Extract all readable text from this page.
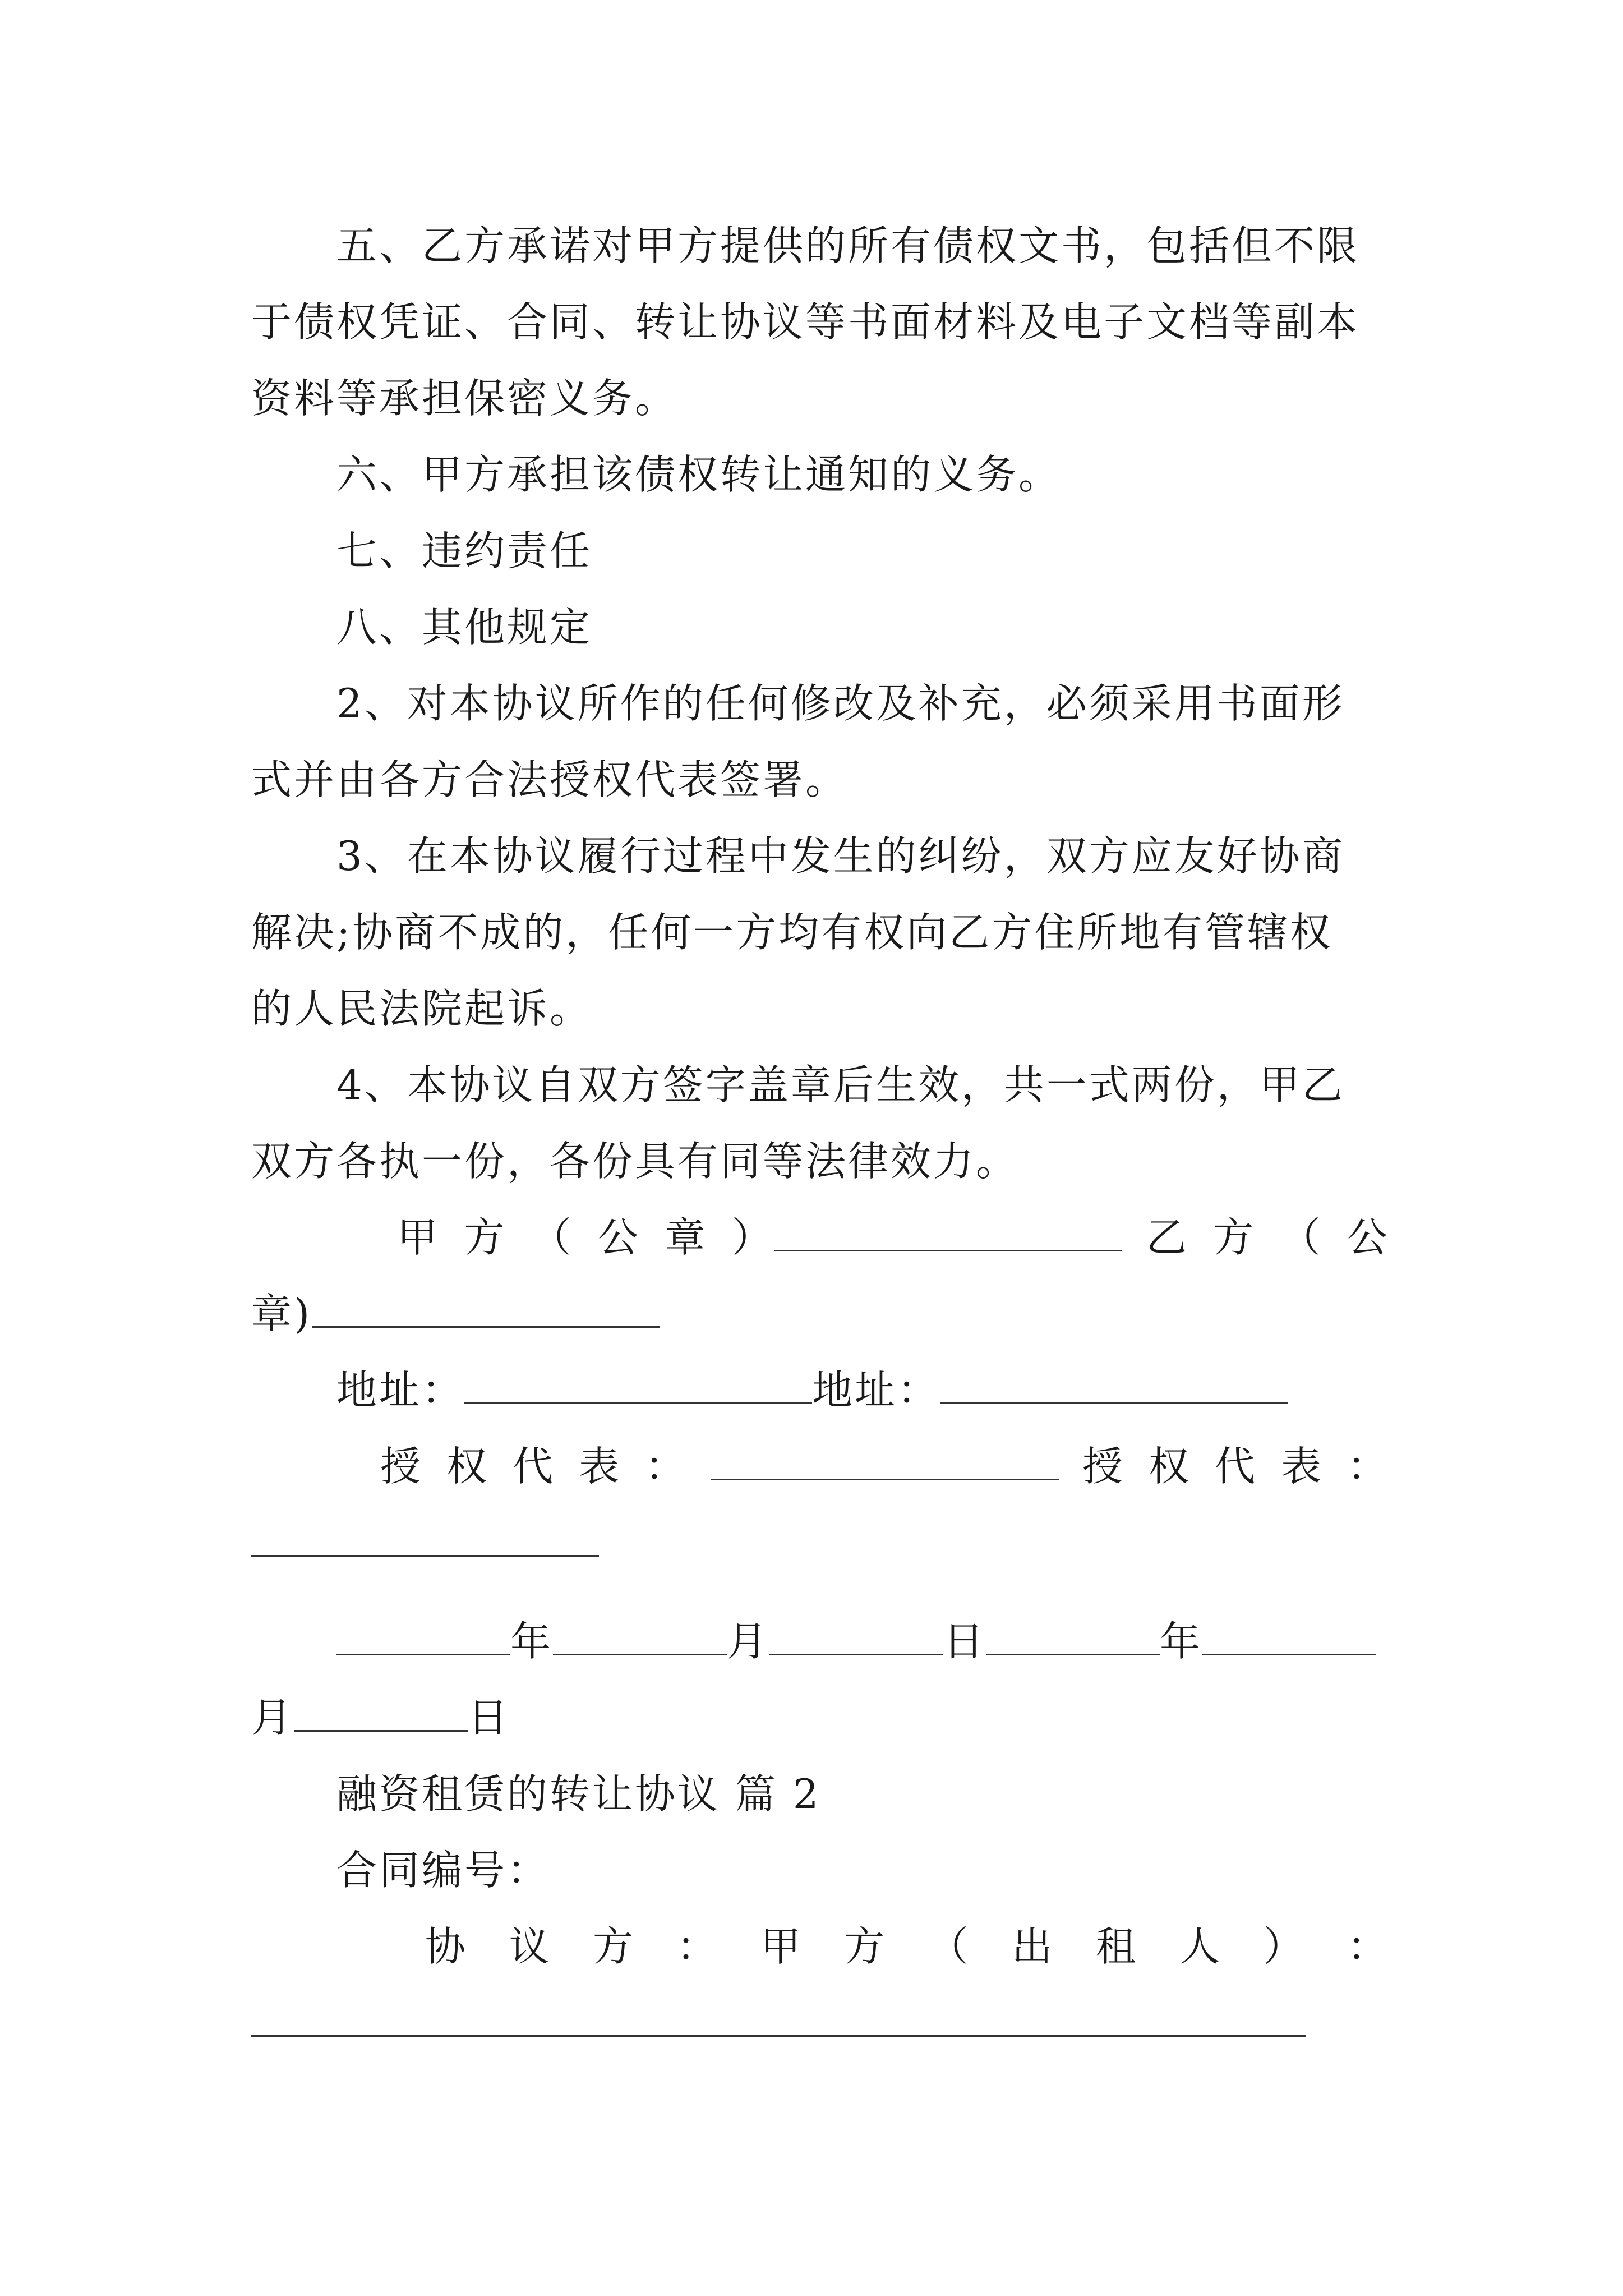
五、乙方承诺对甲方提供的所有债权文书，包括但不限
于债权凭证、合同、转让协议等书面材料及电子文档等副本
资料等承担保密义务。
六、甲方承担该债权转让通知的义务。
七、违约责任
八、其他规定
2、对本协议所作的任何修改及补充，必须采用书面形
式并由各方合法授权代表签署。
3、在本协议履行过程中发生的纠纷，双方应友好协商
解决;协商不成的，任何一方均有权向乙方住所地有管辖权
的人民法院起诉。
4、本协议自双方签字盖章后生效，共一式两份，甲乙
双方各执一份，各份具有同等法律效力。
甲 方 （ 公 章 ）	乙 方 （ 公
章)
地址：	地址：
授 权 代 表 ：	授 权 代 表 ：
年	月	日	年
月	日
融资租赁的转让协议 篇 2
合同编号：
协 议 方 ： 甲 方 （ 出 租 人 ） ：
